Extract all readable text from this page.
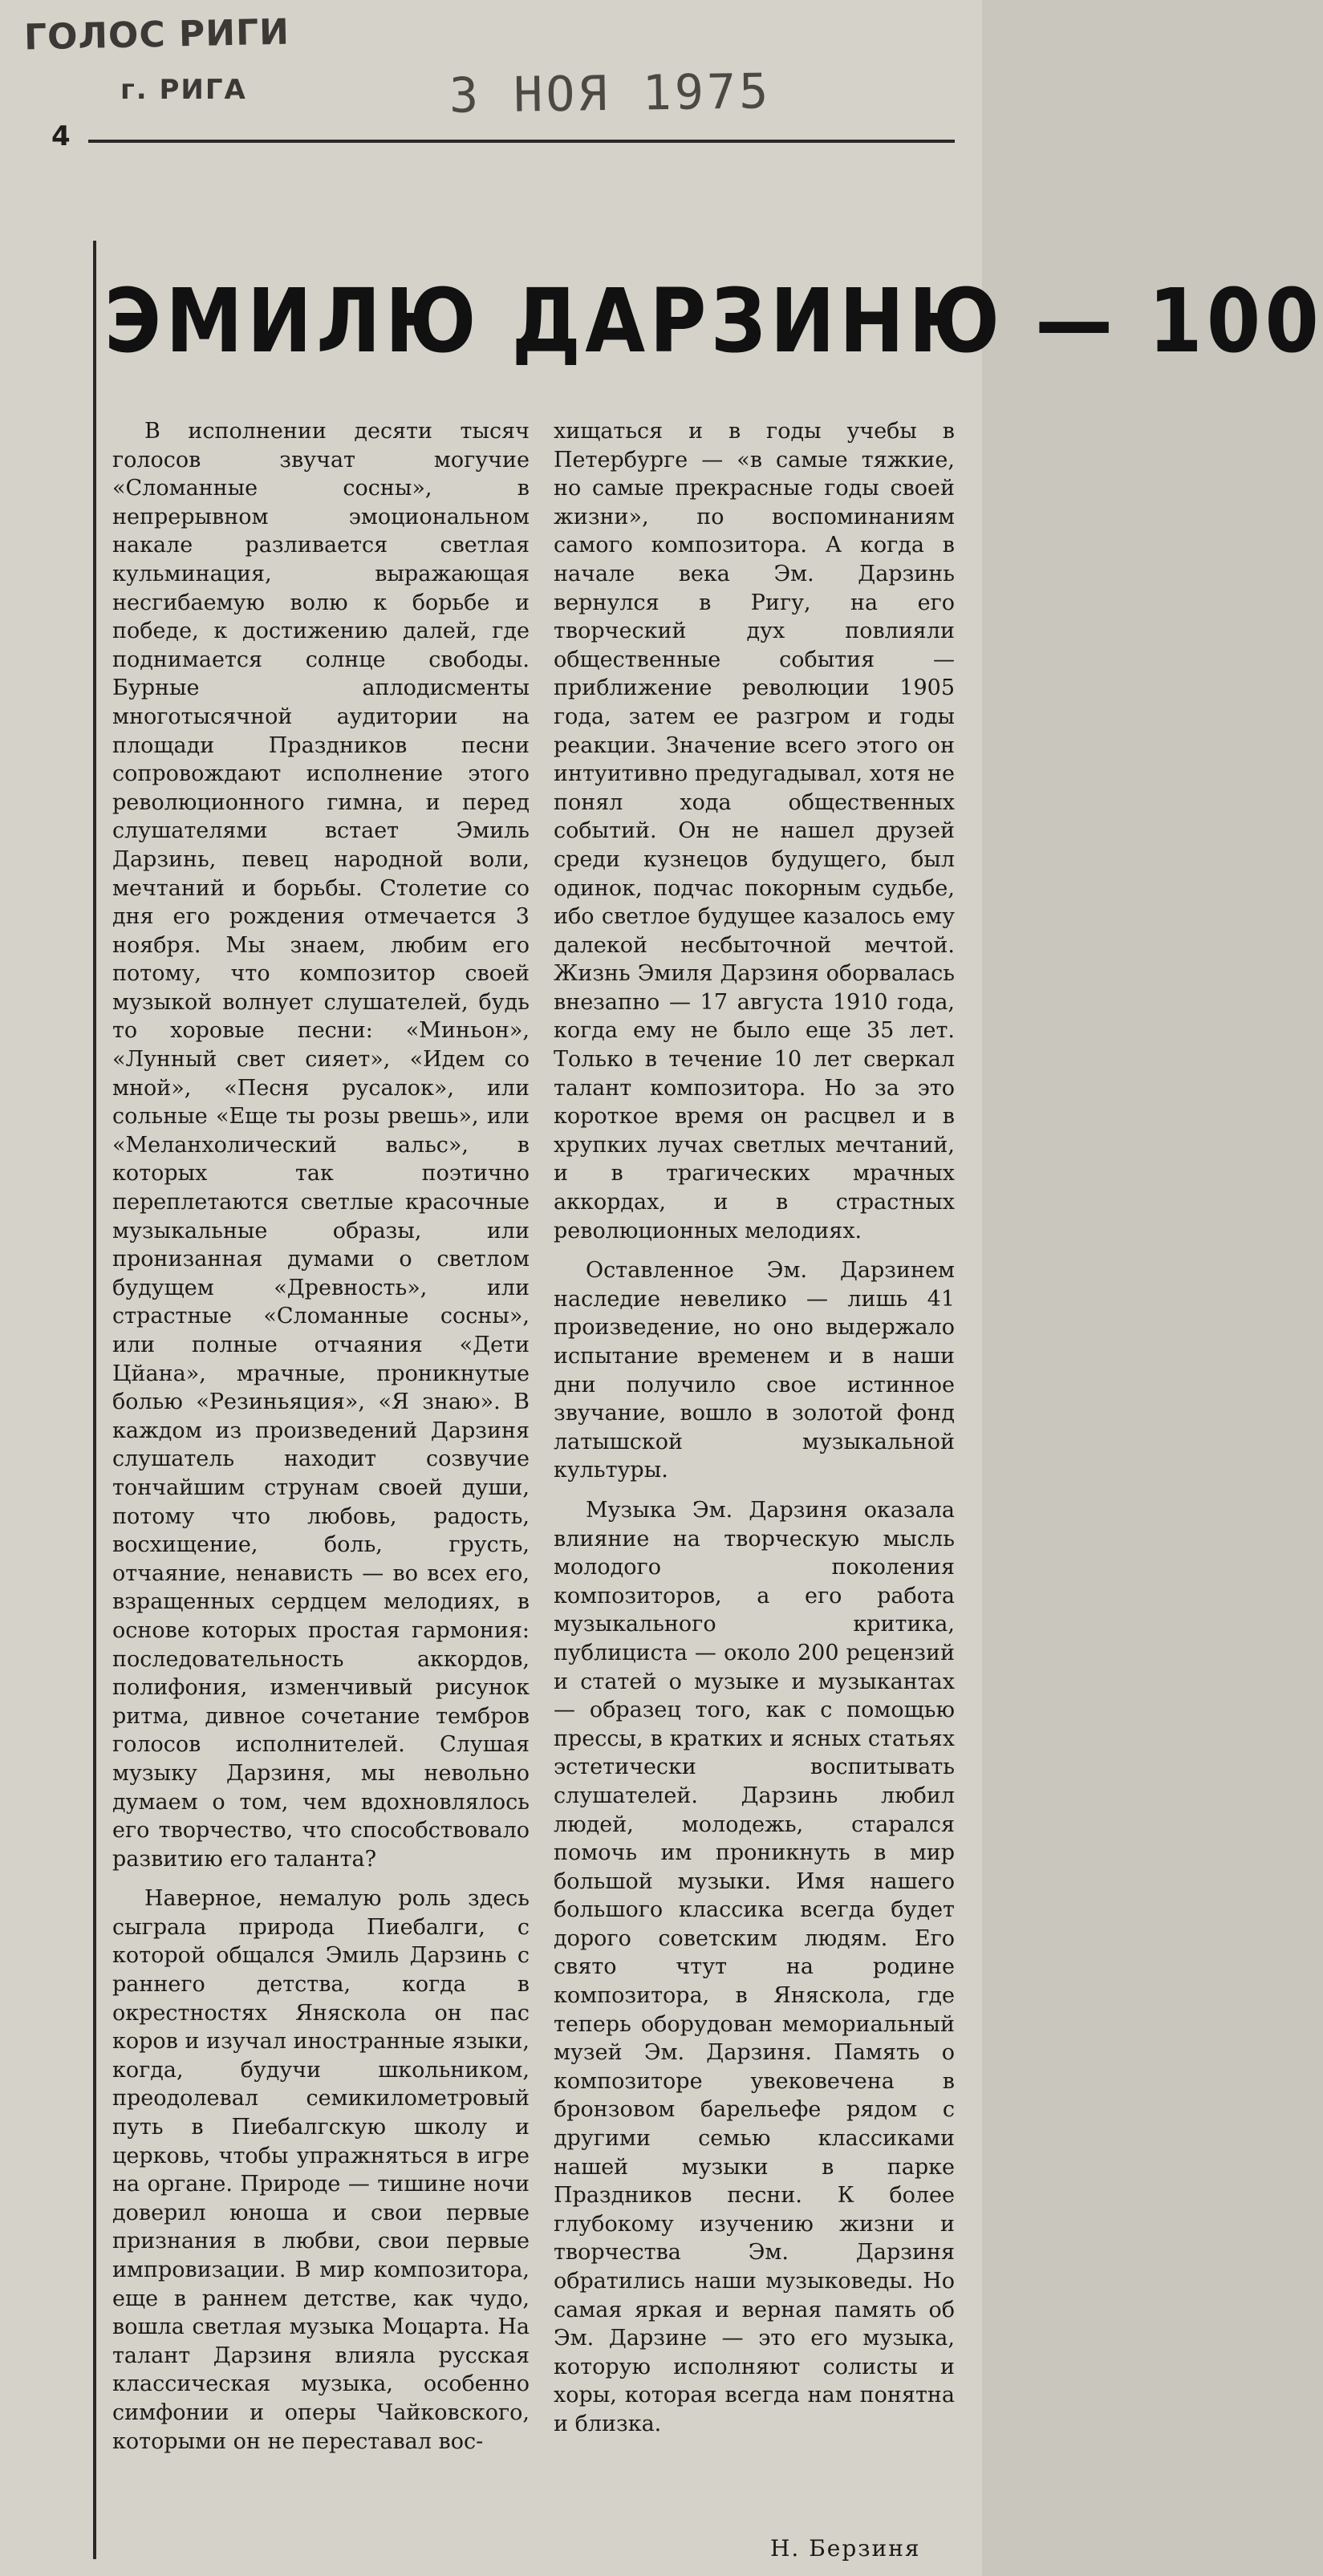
ГОЛОС РИГИ
г. РИГА	3 НОЯ 1975
4
ЭМИЛЮ ДАРЗИНЮ — 100

В исполнении десяти тысяч голосов звучат могучие «Сломанные сосны», в непрерывном эмоциональном накале разливается светлая кульминация, выражающая несгибаемую волю к борьбе и победе, к достижению далей, где поднимается солнце свободы. Бурные аплодисменты многотысячной аудитории на площади Праздников песни сопровождают исполнение этого революционного гимна, и перед слушателями встает Эмиль Дарзинь, певец народной воли, мечтаний и борьбы. Столетие со дня его рождения отмечается 3 ноября. Мы знаем, любим его потому, что композитор своей музыкой волнует слушателей, будь то хоровые песни: «Миньон», «Лунный свет сияет», «Идем со мной», «Песня русалок», или сольные «Еще ты розы рвешь», или «Меланхолический вальс», в которых так поэтично переплетаются светлые красочные музыкальные образы, или пронизанная думами о светлом будущем «Древность», или страстные «Сломанные сосны», или полные отчаяния «Дети Цйана», мрачные, проникнутые болью «Резиньяция», «Я знаю». В каждом из произведений Дарзиня слушатель находит созвучие тончайшим струнам своей души, потому что любовь, радость, восхищение, боль, грусть, отчаяние, ненависть — во всех его, взращенных сердцем мелодиях, в основе которых простая гармония: последовательность аккордов, полифония, изменчивый рисунок ритма, дивное сочетание тембров голосов исполнителей. Слушая музыку Дарзиня, мы невольно думаем о том, чем вдохновлялось его творчество, что способствовало развитию его таланта?

Наверное, немалую роль здесь сыграла природа Пиебалги, с которой общался Эмиль Дарзинь с раннего детства, когда в окрестностях Яняскола он пас коров и изучал иностранные языки, когда, будучи школьником, преодолевал семикилометровый путь в Пиебалгскую школу и церковь, чтобы упражняться в игре на органе. Природе — тишине ночи доверил юноша и свои первые признания в любви, свои первые импровизации. В мир композитора, еще в раннем детстве, как чудо, вошла светлая музыка Моцарта. На талант Дарзиня влияла русская классическая музыка, особенно симфонии и оперы Чайковского, которыми он не переставал вос-

хищаться и в годы учебы в Петербурге — «в самые тяжкие, но самые прекрасные годы своей жизни», по воспоминаниям самого композитора. А когда в начале века Эм. Дарзинь вернулся в Ригу, на его творческий дух повлияли общественные события — приближение революции 1905 года, затем ее разгром и годы реакции. Значение всего этого он интуитивно предугадывал, хотя не понял хода общественных событий. Он не нашел друзей среди кузнецов будущего, был одинок, подчас покорным судьбе, ибо светлое будущее казалось ему далекой несбыточной мечтой. Жизнь Эмиля Дарзиня оборвалась внезапно — 17 августа 1910 года, когда ему не было еще 35 лет. Только в течение 10 лет сверкал талант композитора. Но за это короткое время он расцвел и в хрупких лучах светлых мечтаний, и в трагических мрачных аккордах, и в страстных революционных мелодиях.

Оставленное Эм. Дарзинем наследие невелико — лишь 41 произведение, но оно выдержало испытание временем и в наши дни получило свое истинное звучание, вошло в золотой фонд латышской музыкальной культуры.

Музыка Эм. Дарзиня оказала влияние на творческую мысль молодого поколения композиторов, а его работа музыкального критика, публициста — около 200 рецензий и статей о музыке и музыкантах — образец того, как с помощью прессы, в кратких и ясных статьях эстетически воспитывать слушателей. Дарзинь любил людей, молодежь, старался помочь им проникнуть в мир большой музыки. Имя нашего большого классика всегда будет дорого советским людям. Его свято чтут на родине композитора, в Яняскола, где теперь оборудован мемориальный музей Эм. Дарзиня. Память о композиторе увековечена в бронзовом барельефе рядом с другими семью классиками нашей музыки в парке Праздников песни. К более глубокому изучению жизни и творчества Эм. Дарзиня обратились наши музыковеды. Но самая яркая и верная память об Эм. Дарзине — это его музыка, которую исполняют солисты и хоры, которая всегда нам понятна и близка.

Н. Берзиня
